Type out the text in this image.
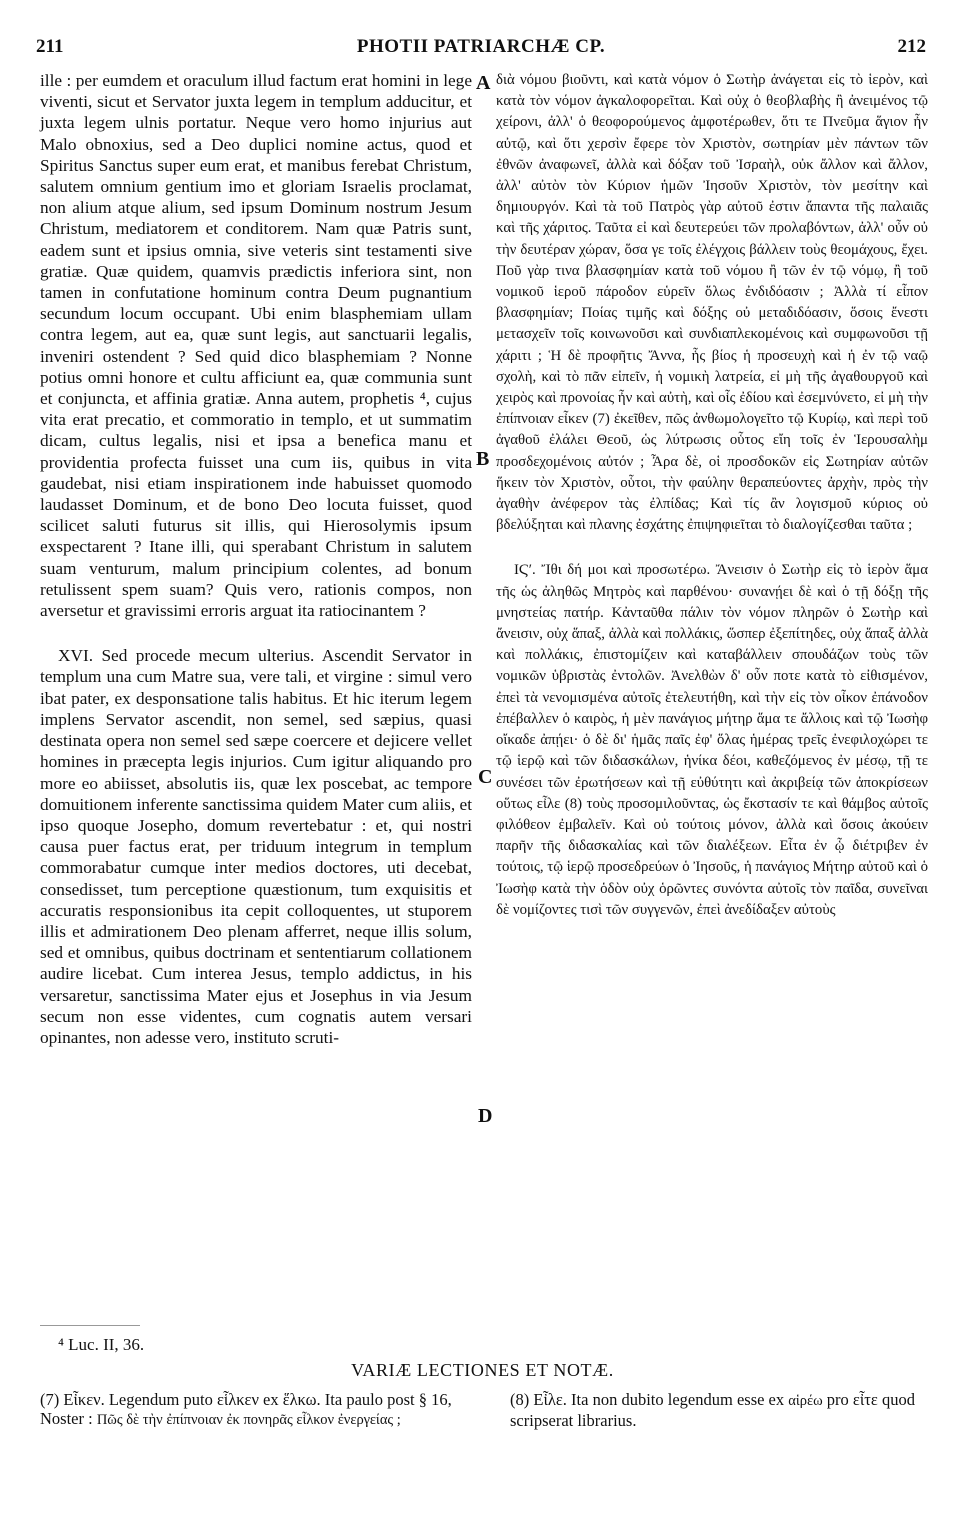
211	PHOTII PATRIARCHÆ CP.	212

ille : per eumdem et oraculum illud factum erat homini in lege viventi, sicut et Servator juxta legem in templum adducitur, et juxta legem ulnis portatur. Neque vero homo injurius aut Malo obnoxius, sed a Deo duplici nomine actus, quod et Spiritus Sanctus super eum erat, et manibus ferebat Christum, salutem omnium gentium imo et gloriam Israelis proclamat, non alium atque alium, sed ipsum Dominum nostrum Jesum Christum, mediatorem et conditorem. Nam quæ Patris sunt, eadem sunt et ipsius omnia, sive veteris sint testamenti sive gratiæ. Quæ quidem, quamvis prædictis inferiora sint, non tamen in confutatione hominum contra Deum pugnantium secundum locum occupant. Ubi enim blasphemiam ullam contra legem, aut ea, quæ sunt legis, aut sanctuarii legalis, inveniri ostendent ? Sed quid dico blasphemiam ? Nonne potius omni honore et cultu afficiunt ea, quæ communia sunt et conjuncta, et affinia gratiæ. Anna autem, prophetis ⁴, cujus vita erat precatio, et commoratio in templo, et ut summatim dicam, cultus legalis, nisi et ipsa a benefica manu et providentia profecta fuisset una cum iis, quibus in vita gaudebat, nisi etiam inspirationem inde habuisset quomodo laudasset Dominum, et de bono Deo locuta fuisset, quod scilicet saluti futurus sit illis, qui Hierosolymis ipsum exspectarent ? Itane illi, qui sperabant Christum in salutem suam venturum, malum principium colentes, ad bonum retulissent spem suam? Quis vero, rationis compos, non aversetur et gravissimi erroris arguat ita ratiocinantem ?

XVI. Sed procede mecum ulterius. Ascendit Servator in templum una cum Matre sua, vere tali, et virgine : simul vero ibat pater, ex desponsatione talis habitus. Et hic iterum legem implens Servator ascendit, non semel, sed sæpius, quasi destinata opera non semel sed sæpe coercere et dejicere vellet homines in præcepta legis injurios. Cum igitur aliquando pro more eo abiisset, absolutis iis, quæ lex poscebat, ac tempore domuitionem inferente sanctissima quidem Mater cum aliis, et ipso quoque Josepho, domum revertebatur : et, qui nostri causa puer factus erat, per triduum integrum in templum commorabatur cumque inter medios doctores, uti decebat, consedisset, tum perceptione quæstionum, tum exquisitis et accuratis responsionibus ita cepit colloquentes, ut stuporem illis et admirationem Deo plenam afferret, neque illis solum, sed et omnibus, quibus doctrinam et sententiarum collationem audire licebat. Cum interea Jesus, templo addictus, in his versaretur, sanctissima Mater ejus et Josephus in via Jesum secum non esse videntes, cum cognatis autem versari opinantes, non adesse vero, instituto scruti-

διὰ νόμου βιοῦντι, καὶ κατὰ νόμον ὁ Σωτὴρ ἀνάγεται εἰς τὸ ἱερὸν, καὶ κατὰ τὸν νόμον ἀγκαλοφορεῖται. Καὶ οὐχ ὁ θεοβλαβὴς ἢ ἀνειμένος τῷ χείρονι, ἀλλ' ὁ θεοφορούμενος ἀμφοτέρωθεν, ὅτι τε Πνεῦμα ἅγιον ἦν αὐτῷ, καὶ ὅτι χερσὶν ἔφερε τὸν Χριστὸν, σωτηρίαν μὲν πάντων τῶν ἐθνῶν ἀναφωνεῖ, ἀλλὰ καὶ δόξαν τοῦ Ἰσραὴλ, οὐκ ἄλλον καὶ ἄλλον, ἀλλ' αὐτὸν τὸν Κύριον ἡμῶν Ἰησοῦν Χριστὸν, τὸν μεσίτην καὶ δημιουργόν. Καὶ τὰ τοῦ Πατρὸς γὰρ αὐτοῦ ἐστιν ἅπαντα τῆς παλαιᾶς καὶ τῆς χάριτος. Ταῦτα εἰ καὶ δευτερεύει τῶν προλαβόντων, ἀλλ' οὖν οὐ τὴν δευτέραν χώραν, ὅσα γε τοῖς ἐλέγχοις βάλλειν τοὺς θεομάχους, ἔχει. Ποῦ γὰρ τινα βλασφημίαν κατὰ τοῦ νόμου ἢ τῶν ἐν τῷ νόμῳ, ἢ τοῦ νομικοῦ ἱεροῦ πάροδον εὑρεῖν ὅλως ἐνδιδόασιν ; Ἀλλὰ τί εἶπον βλασφημίαν; Ποίας τιμῆς καὶ δόξης οὐ μεταδιδόασιν, ὅσοις ἔνεστι μετασχεῖν τοῖς κοινωνοῦσι καὶ συνδιαπλεκομένοις καὶ συμφωνοῦσι τῇ χάριτι ; Ἡ δὲ προφῆτις Ἄννα, ἧς βίος ἡ προσευχὴ καὶ ἡ ἐν τῷ ναῷ σχολὴ, καὶ τὸ πᾶν εἰπεῖν, ἡ νομικὴ λατρεία, εἰ μὴ τῆς ἀγαθουργοῦ καὶ χειρὸς καὶ προνοίας ἦν καὶ αὐτὴ, καὶ οἷς ἐδίου καὶ ἐσεμνύνετο, εἰ μὴ τὴν ἐπίπνοιαν εἶκεν (7) ἐκεῖθεν, πῶς ἀνθωμολογεῖτο τῷ Κυρίῳ, καὶ περὶ τοῦ ἀγαθοῦ ἐλάλει Θεοῦ, ὡς λύτρωσις οὗτος εἴη τοῖς ἐν Ἱερουσαλὴμ προσδεχομένοις αὐτόν ; Ἆρα δὲ, οἱ προσδοκῶν εἰς Σωτηρίαν αὐτῶν ἥκειν τὸν Χριστὸν, οὗτοι, τὴν φαύλην θεραπεύοντες ἀρχὴν, πρὸς τὴν ἀγαθὴν ἀνέφερον τὰς ἐλπίδας; Καὶ τίς ἂν λογισμοῦ κύριος οὐ βδελύξηται καὶ πλανης ἐσχάτης ἐπιψηφιεῖται τὸ διαλογίζεσθαι ταῦτα ;

ΙϚʹ. Ἴθι δή μοι καὶ προσωτέρω. Ἄνεισιν ὁ Σωτὴρ εἰς τὸ ἱερὸν ἅμα τῆς ὡς ἀληθῶς Μητρὸς καὶ παρθένου· συνανῄει δὲ καὶ ὁ τῇ δόξῃ τῆς μνηστείας πατήρ. Κἀνταῦθα πάλιν τὸν νόμον πληρῶν ὁ Σωτὴρ καὶ ἄνεισιν, οὐχ ἅπαξ, ἀλλὰ καὶ πολλάκις, ὥσπερ ἐξεπίτηδες, οὐχ ἅπαξ ἀλλὰ καὶ πολλάκις, ἐπιστομίζειν καὶ καταβάλλειν σπουδάζων τοὺς τῶν νομικῶν ὑβριστὰς ἐντολῶν. Ἀνελθὼν δ' οὖν ποτε κατὰ τὸ εἰθισμένον, ἐπεὶ τὰ νενομισμένα αὐτοῖς ἐτελευτήθη, καὶ τὴν εἰς τὸν οἶκον ἐπάνοδον ἐπέβαλλεν ὁ καιρὸς, ἡ μὲν πανάγιος μήτηρ ἅμα τε ἄλλοις καὶ τῷ Ἰωσὴφ οἴκαδε ἀπῄει· ὁ δὲ δι' ἡμᾶς παῖς ἐφ' ὅλας ἡμέρας τρεῖς ἐνεφιλοχώρει τε τῷ ἱερῷ καὶ τῶν διδασκάλων, ἡνίκα δέοι, καθεζόμενος ἐν μέσῳ, τῇ τε συνέσει τῶν ἐρωτήσεων καὶ τῇ εὐθύτητι καὶ ἀκριβείᾳ τῶν ἀποκρίσεων οὕτως εἶλε (8) τοὺς προσομιλοῦντας, ὡς ἔκστασίν τε καὶ θάμβος αὐτοῖς φιλόθεον ἐμβαλεῖν. Καὶ οὐ τούτοις μόνον, ἀλλὰ καὶ ὅσοις ἀκούειν παρῆν τῆς διδασκαλίας καὶ τῶν διαλέξεων. Εἶτα ἐν ᾧ διέτριβεν ἐν τούτοις, τῷ ἱερῷ προσεδρεύων ὁ Ἰησοῦς, ἡ πανάγιος Μήτηρ αὐτοῦ καὶ ὁ Ἰωσὴφ κατὰ τὴν ὁδὸν οὐχ ὁρῶντες συνόντα αὐτοῖς τὸν παῖδα, συνεῖναι δὲ νομίζοντες τισὶ τῶν συγγενῶν, ἐπεὶ ἀνεδίδαξεν αὐτοὺς

A
B
C
D
⁴ Luc. II, 36.
VARIÆ LECTIONES ET NOTÆ.
(7) Εἶκεν. Legendum puto εἷλκεν ex ἕλκω. Ita paulo post § 16, Noster : Πῶς δὲ τὴν ἐπίπνοιαν ἐκ πονηρᾶς εἷλκον ἐνεργείας ;
(8) Εἶλε. Ita non dubito legendum esse ex αἱρέω pro εἶτε quod scripserat librarius.
